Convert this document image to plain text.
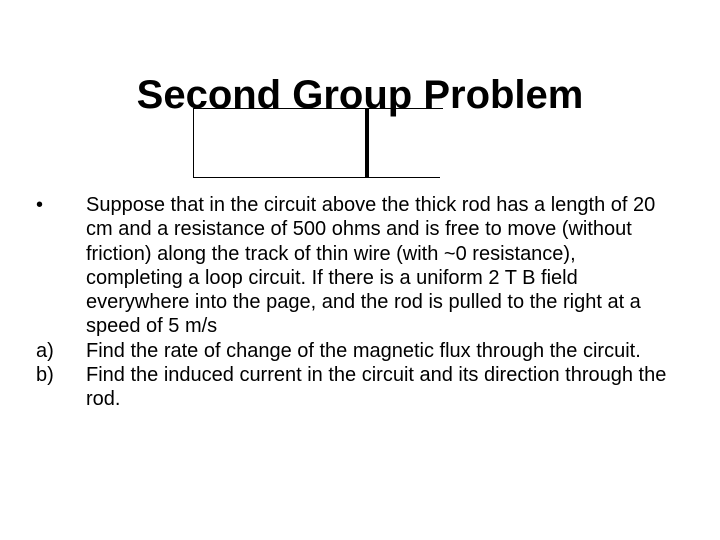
Second Group Problem
•	Suppose that in the circuit above the thick rod has a length of 20 cm and a resistance of 500 ohms and is free to move (without friction) along the track of thin wire (with ~0 resistance), completing a loop circuit. If there is a uniform 2 T B field everywhere into the page, and the rod is pulled to the right at a speed of 5 m/s
a)	Find the rate of change of the magnetic flux through the circuit.
b)	Find the induced current in the circuit and its direction through the rod.
